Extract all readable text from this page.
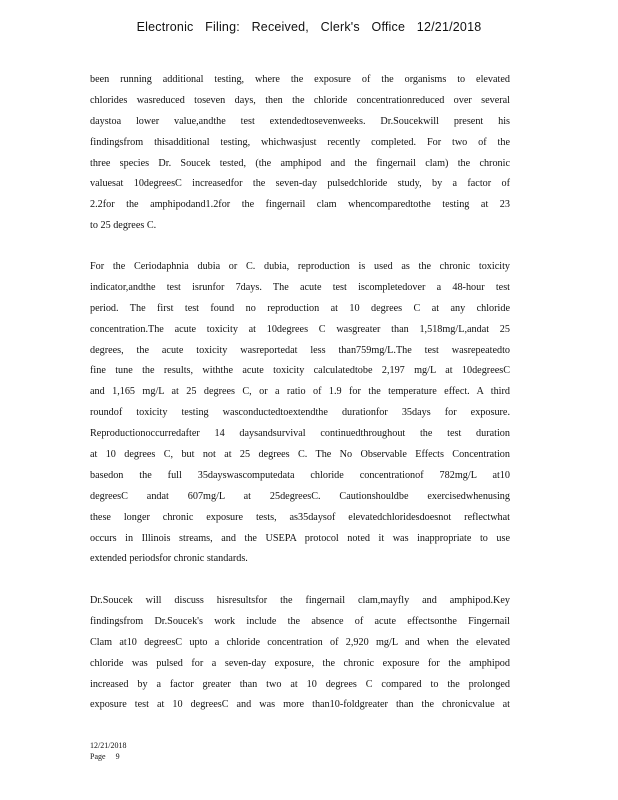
Electronic Filing: Received, Clerk's Office 12/21/2018
been running additional testing, where the exposure of the organisms to elevated
chlorides wasreduced toseven days, then the chloride concentrationreduced over several
daystoa lower value,andthe test extendedtosevenweeks. Dr.Soucekwill present his
findingsfrom thisadditional testing, whichwasjust recently completed. For two of the
three species Dr. Soucek tested, (the amphipod and the fingernail clam) the chronic
valuesat 10degreesC increasedfor the seven-day pulsedchloride study, by a factor of
2.2for the amphipodand1.2for the fingernail clam whencomparedtothe testing at 23
to 25 degrees C.
For the Ceriodaphnia dubia or C. dubia, reproduction is used as the chronic toxicity
indicator,andthe test isrunfor 7days. The acute test iscompletedover a 48-hour test
period. The first test found no reproduction at 10 degrees C at any chloride
concentration.The acute toxicity at 10degrees C wasgreater than 1,518mg/L,andat 25
degrees, the acute toxicity wasreportedat less than759mg/L.The test wasrepeatedto
fine tune the results, withthe acute toxicity calculatedtobe 2,197 mg/L at 10degreesC
and 1,165 mg/L at 25 degrees C, or a ratio of 1.9 for the temperature effect. A third
roundof toxicity testing wasconductedtoextendthe durationfor 35days for exposure.
Reproductionoccurredafter 14 daysandsurvival continuedthroughout the test duration
at 10 degrees C, but not at 25 degrees C. The No Observable Effects Concentration
basedon the full 35dayswascomputedata chloride concentrationof 782mg/L at10
degreesC andat 607mg/L at 25degreesC. Cautionshouldbe exercisedwhenusing
these longer chronic exposure tests, as35daysof elevatedchloridesdoesnot reflectwhat
occurs in Illinois streams, and the USEPA protocol noted it was inappropriate to use
extended periodsfor chronic standards.
Dr.Soucek will discuss hisresultsfor the fingernail clam,mayfly and amphipod.Key
findingsfrom Dr.Soucek's work include the absence of acute effectsonthe Fingernail
Clam at10 degreesC upto a chloride concentration of 2,920 mg/L and when the elevated
chloride was pulsed for a seven-day exposure, the chronic exposure for the amphipod
increased by a factor greater than two at 10 degrees C compared to the prolonged
exposure test at 10 degreesC and was more than10-foldgreater than the chronicvalue at
12/21/2018
Page 9
